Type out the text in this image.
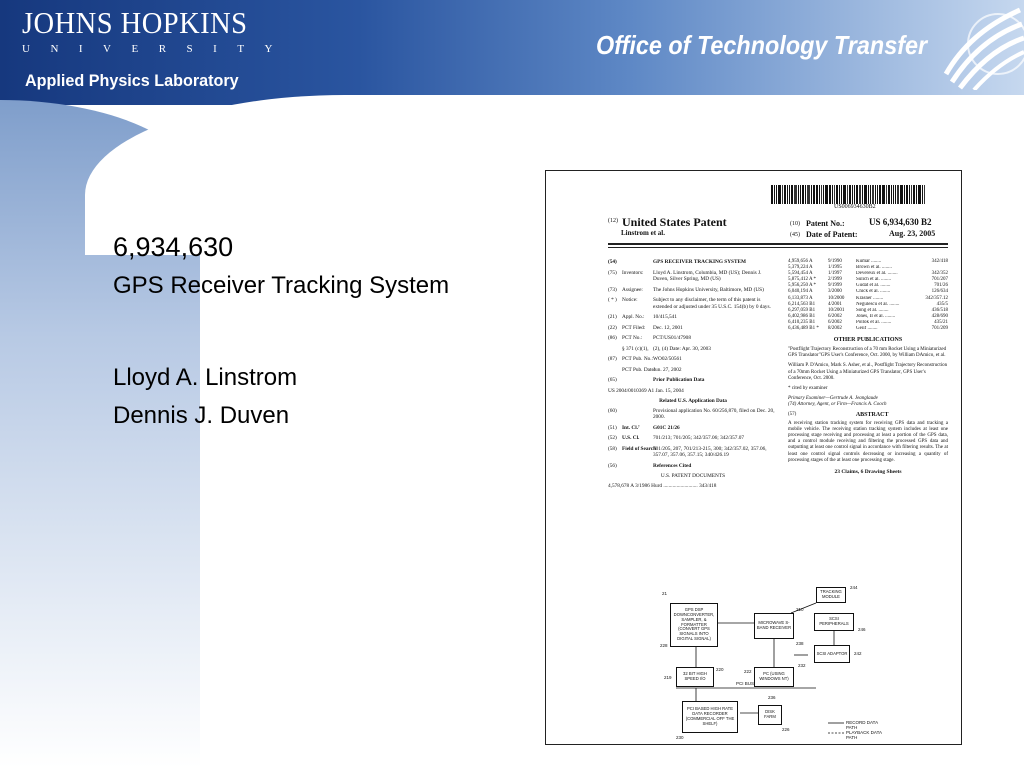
JOHNS HOPKINS
UNIVERSITY
Applied Physics Laboratory
Office of Technology Transfer
6,934,630
GPS Receiver Tracking System
Lloyd A. Linstrom
Dennis J. Duven
US006934630B2
(12) United States Patent
Linstrom et al.
(10)
(45)
Patent No.:	US 6,934,630 B2
Date of Patent:	Aug. 23, 2005
(54)	GPS RECEIVER TRACKING SYSTEM
(75) Inventors: Lloyd A. Linstrom, Columbia, MD (US); Dennis J. Duven, Silver Spring, MD (US)
(73) Assignee: The Johns Hopkins University, Baltimore, MD (US)
( * ) Notice:	Subject to any disclaimer, the term of this patent is extended or adjusted under 35 U.S.C. 154(b) by 0 days.
(21) Appl. No.: 10/415,541
(22) PCT Filed: Dec. 12, 2001
(86) PCT No.: PCT/US01/47908
§ 371 (c)(1), (2), (4) Date: Apr. 30, 2003
(87) PCT Pub. No.: WO02/50561
PCT Pub. Date:
Jun. 27, 2002
(65)	Prior Publication Data
US 2004/0010369 A1 Jan. 15, 2004
Related U.S. Application Data
(60)	Provisional application No. 60/256,870, filed on Dec. 20, 2000.
(51) Int. Cl.⁷	G01C 21/26
(52) U.S. Cl.	701/213; 701/205; 342/357.06; 342/357.07
(58) Field of Search
701/205, 207, 701/213-215, 300; 342/357.02, 357.06, 357.07, 357.06, 357.15; 340/426.19
(56)	References Cited
U.S. PATENT DOCUMENTS
4,578,678 A 3/1986 Hurd .......................... 343/418
4,959,656 A	9/1990	Kumar ........	342/418
5,379,224 A	1/1995	Brown et al. ........
5,594,454 A	1/1997	Devereux et al. ........	342/352
5,875,412 A *	2/1999	Sulich et al. ........	701/207
5,956,250 A *	9/1999	Gudat et al. ........	701/26
6,040,194 A	3/2000	Chick et al. ........	126/634
6,133,873 A	10/2000	Krasner ........	342/357.12
6,214,563 B1	4/2001	Negulescu et al. ........	435/5
6,297,059 B1	10/2001	Song et al. ........	436/518
6,402,986 B1	6/2002	Jones, II et al. ........	428/690
6,410,235 B1	6/2002	Pollok et al. ........	435/21
6,436,489 B1 *	8/2002	Geiif ........	701/209
OTHER PUBLICATIONS
"Postflight Trajectory Reconstruction of a 70 mm Rocket Using a Miniaturized GPS Translator"GPS User's Conference, Oct. 2000, by William DAmico, et al.
William P. D'Amico, Mark S. Asher, et al., Postflight Trajectory Reconstruction of a 70mm Rocket Using a Miniaturized GPS Translator, GPS User's Conference, Oct. 2000.
* cited by examiner
Primary Examiner—Gertrude A. Jeanglaude
(74) Attorney, Agent, or Firm—Francis A. Cooch
(57)	ABSTRACT
A receiving station tracking system for receiving GPS data and tracking a mobile vehicle. The receiving station tracking system includes at least one processing stage receiving and processing at least a portion of the GPS data, and a control module receiving and filtering the processed GPS data and outputting at least one control signal in accordance with filtering results. The at least one control signal controls decreasing or increasing a quantity of processing stages of the at least one processing stage.
23 Claims, 6 Drawing Sheets
GPS DSP DOWNCONVERTER, SAMPLER, & FORMATTER (CONVERT GPS SIGNALS INTO DIGITAL SIGNAL)
MICROWAVE S-BAND RECEIVER
TRACKING MODULE
SCSI PERIPHERALS
32 BIT HIGH SPEED I/O
PC (USING WINDOWS NT)
SCSI ADAPTOR
PCI BASED HIGH RATE DATA RECORDER (COMMERCIAL OFF THE SHELF)
DISK FARM
PCI BUS
RECORD DATA PATH
PLAYBACK DATA PATH
21
244
210
228
246
238
219
232
242
220	222
226
236
230
